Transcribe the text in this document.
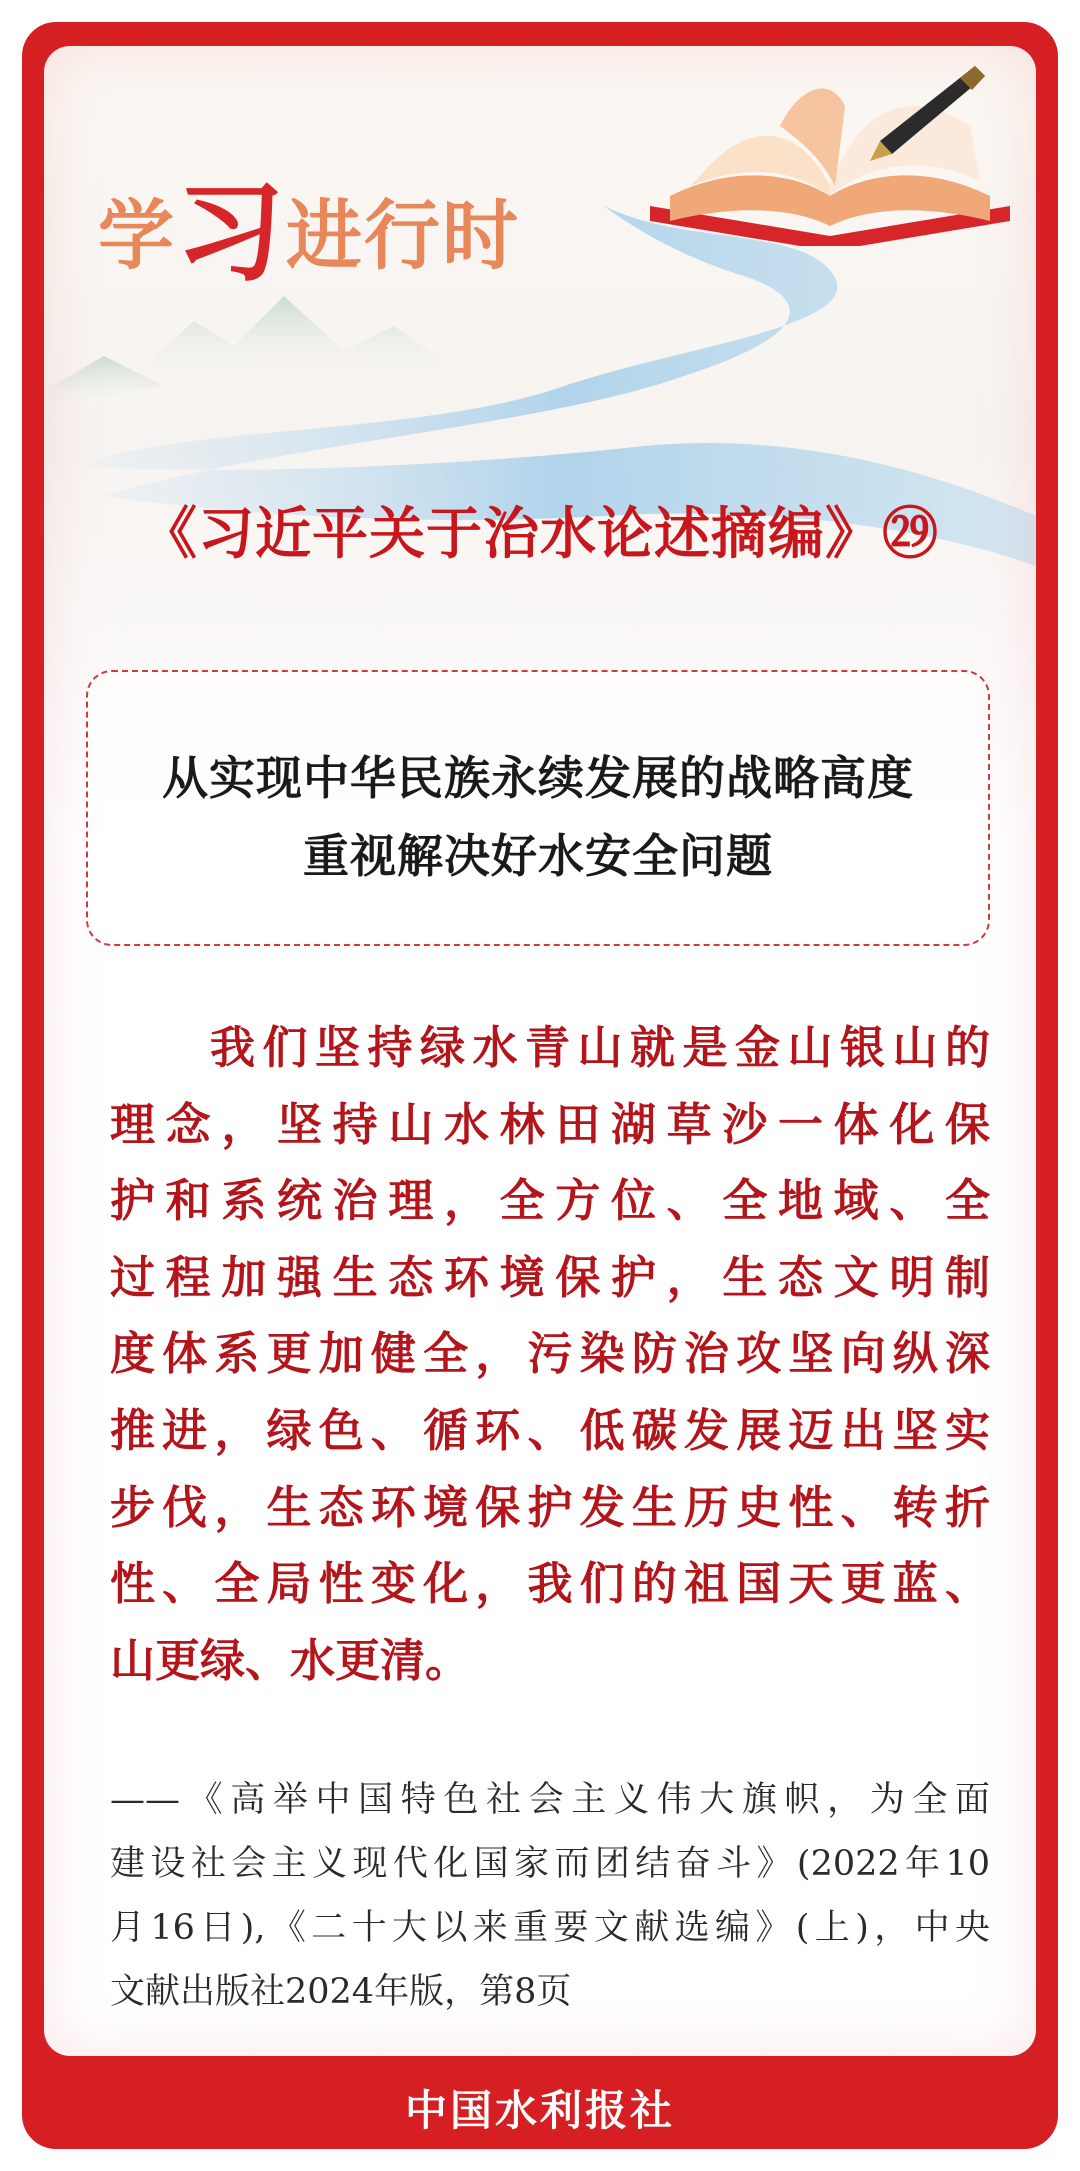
学习进行时
《习近平关于治水论述摘编》㉙
从实现中华民族永续发展的战略高度
重视解决好水安全问题
我们坚持绿水青山就是金山银山的
理念，坚持山水林田湖草沙一体化保
护和系统治理，全方位、全地域、全
过程加强生态环境保护，生态文明制
度体系更加健全，污染防治攻坚向纵深
推进，绿色、循环、低碳发展迈出坚实
步伐，生态环境保护发生历史性、转折
性、全局性变化，我们的祖国天更蓝、
山更绿、水更清。
——《高举中国特色社会主义伟大旗帜，为全面
建设社会主义现代化国家而团结奋斗》(2022年10
月16日),《二十大以来重要文献选编》(上)，中央
文献出版社2024年版，第8页
中国水利报社
